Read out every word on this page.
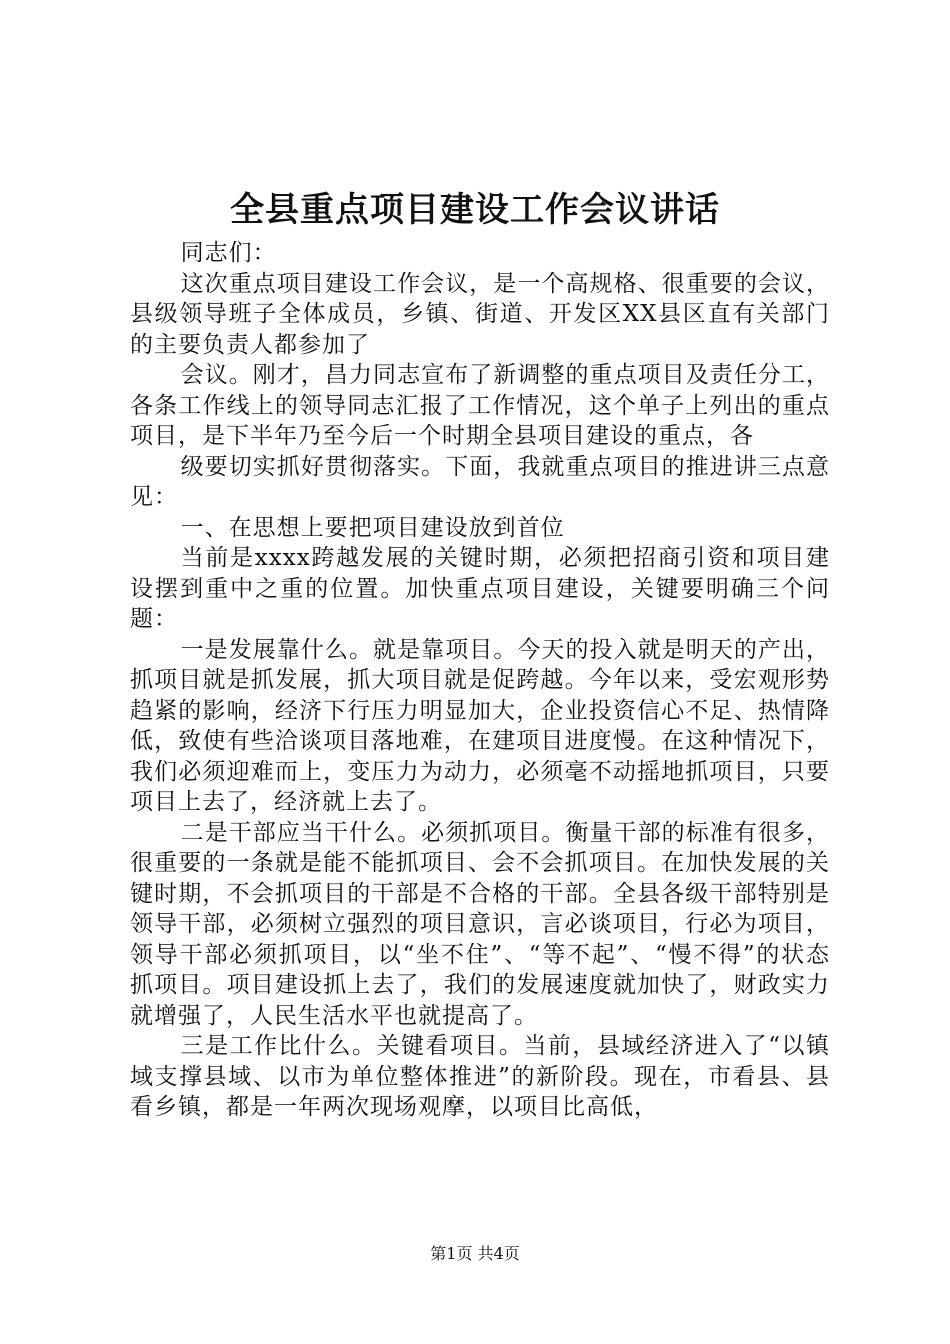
全县重点项目建设工作会议讲话

同志们：

这次重点项目建设工作会议，是一个高规格、很重要的会议，县级领导班子全体成员，乡镇、街道、开发区XX县区直有关部门的主要负责人都参加了

会议。刚才，昌力同志宣布了新调整的重点项目及责任分工，各条工作线上的领导同志汇报了工作情况，这个单子上列出的重点项目，是下半年乃至今后一个时期全县项目建设的重点，各

级要切实抓好贯彻落实。下面，我就重点项目的推进讲三点意见：

一、在思想上要把项目建设放到首位

当前是xxxx跨越发展的关键时期，必须把招商引资和项目建设摆到重中之重的位置。加快重点项目建设，关键要明确三个问题：

一是发展靠什么。就是靠项目。今天的投入就是明天的产出，抓项目就是抓发展，抓大项目就是促跨越。今年以来，受宏观形势趋紧的影响，经济下行压力明显加大，企业投资信心不足、热情降低，致使有些洽谈项目落地难，在建项目进度慢。在这种情况下，我们必须迎难而上，变压力为动力，必须毫不动摇地抓项目，只要项目上去了，经济就上去了。

二是干部应当干什么。必须抓项目。衡量干部的标准有很多，很重要的一条就是能不能抓项目、会不会抓项目。在加快发展的关键时期，不会抓项目的干部是不合格的干部。全县各级干部特别是领导干部，必须树立强烈的项目意识，言必谈项目，行必为项目，领导干部必须抓项目，以“坐不住”、“等不起”、“慢不得”的状态抓项目。项目建设抓上去了，我们的发展速度就加快了，财政实力就增强了，人民生活水平也就提高了。

三是工作比什么。关键看项目。当前，县域经济进入了“以镇域支撑县域、以市为单位整体推进”的新阶段。现在，市看县、县看乡镇，都是一年两次现场观摩，以项目比高低，

第1页 共4页
